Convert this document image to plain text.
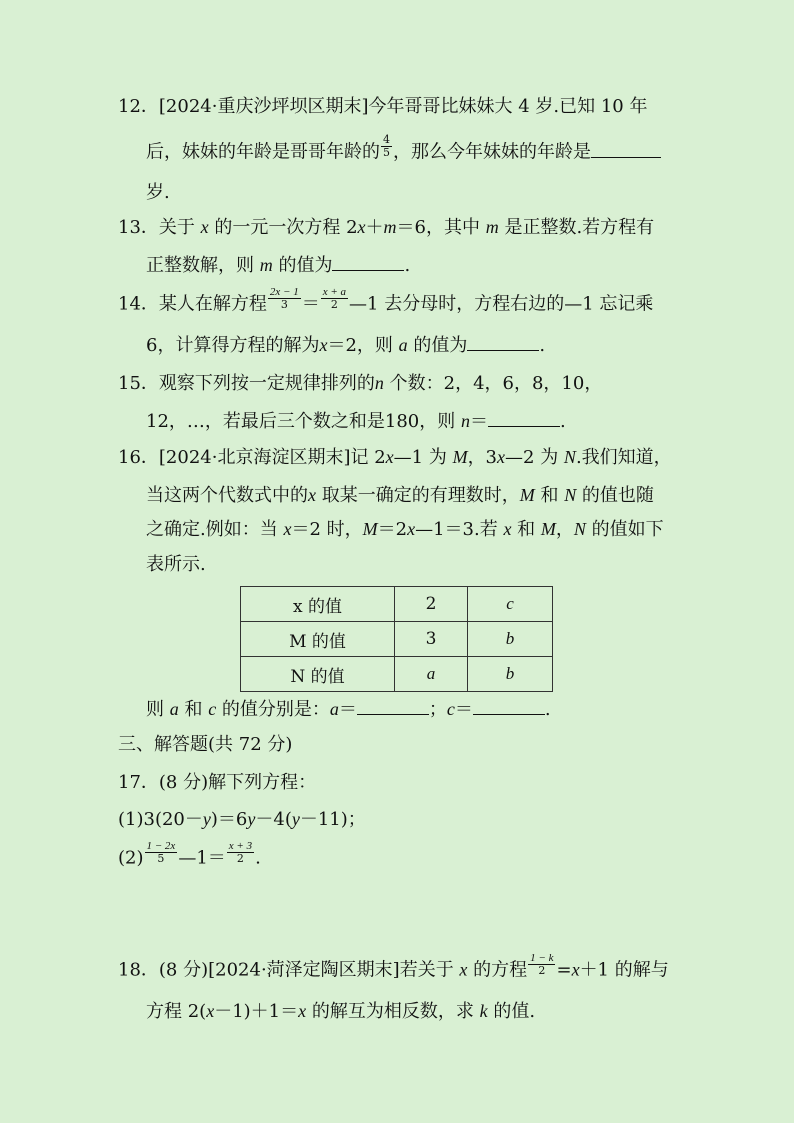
12．[2024·重庆沙坪坝区期末]今年哥哥比妹妹大 4 岁.已知 10 年
后，妹妹的年龄是哥哥年龄的 $\frac{4}{5}$ ，那么今年妹妹的年龄是
岁.
13．关于 x 的一元一次方程 2x＋m＝6，其中 m 是正整数.若方程有
正整数解，则 m 的值为	.
14．某人在解方程 $\frac{2x - 1}{3} = \frac{x + a}{2}$ —1 去分母时，方程右边的—1 忘记乘
6，计算得方程的解为x＝2，则 a 的值为	.
15．观察下列按一定规律排列的n 个数：2，4，6，8，10，
12，…，若最后三个数之和是180，则 n＝	.
16．[2024·北京海淀区期末]记 2x—1 为 M，3x—2 为 N.我们知道，
当这两个代数式中的x 取某一确定的有理数时，M 和 N 的值也随
之确定.例如：当 x＝2 时，M＝2x—1＝3.若 x 和 M，N 的值如下
表所示.
x 的值	2	c
M 的值	3	b
N 的值	a	b
则 a 和 c 的值分别是：a＝	；c＝	.
三、解答题(共 72 分)
17．(8 分)解下列方程：
(1)3(20－y)＝6y－4(y－11)；
$(2) \frac{1 - 2x}{5}$ —1＝ $\frac{x + 3}{2}$ .
18．(8 分)[2024·菏泽定陶区期末]若关于 x 的方程 $\frac{1 - k}{2} =x+1$ 的解与
方程 2(x－1)＋1＝x 的解互为相反数，求 k 的值.
